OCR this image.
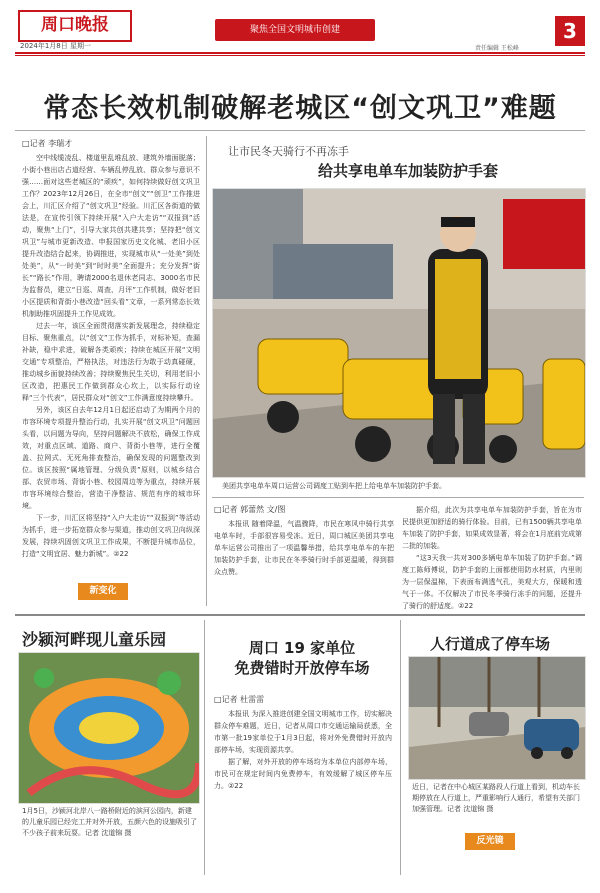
周口晚报
2024年1月8日 星期一
聚焦全国文明城市创建
责任编辑 王松峰
3
常态长效机制破解老城区“创文巩卫”难题
□记者 李瑞才

空中线缆凌乱、楼道里乱堆乱放、建筑外墙面脱落；小街小巷出店占道经营、车辆乱停乱放、群众参与意识不强……面对这些老城区的“顽疾”，如何持续做好创文巩卫工作？2023年12月26日，在全市“创文”“创卫”工作推进会上，川汇区介绍了“创文巩卫”经验。川汇区各街道的做法是，在宣传引领下持续开展“入户大走访”“双报到”活动，聚焦“上门”，引导大家共创共建共享；坚持把“创文巩卫”与城市更新改造、申报国家历史文化城、老旧小区提升改造结合起来，协调推进，实现城市从“一处美”到处处美”，从“一时美”到“时时美”全面提升；充分发挥“街长”“路长”作用，聘请2000名退休老同志、3000名市民为监督员，建立“日巡、周查、月评”工作机制，做好老旧小区提质和背街小巷改造“回头看”文章，一系列常态长效机制助推巩固提升工作见成效。

过去一年，该区全面贯彻落实新发展理念，持续稳定目标、聚焦重点，以“创文”工作为抓手，对标补短，查漏补缺，稳中求进，破解各类顽疾；持续在城区开展“文明交通”专项整治，严格执法，对违法行为敢于动真碰硬，推动城乡面貌持续改善；持续聚焦民生关切，利用老旧小区改造，把惠民工作做到群众心坎上，以实际行动诠释“三个代表”，居民群众对“创文”工作满意度持续攀升。

另外，该区自去年12月1日起还启动了为期两个月的市容环境专项提升整治行动，扎实开展“创文巩卫”问题回头看，以问题为导向，坚持问题解决不放松，确保工作成效，对重点区域、道路、商户、背街小巷等，进行全覆盖、拉网式、无死角排查整治，确保发现的问题整改到位。该区按照“属地管理、分级负责”原则，以城乡结合部、农贸市场、背街小巷、校园周边等为重点，持续开展市容环境综合整治，营造干净整洁、规范有序的城市环境。

下一步，川汇区将坚持“入户大走访”“双报到”等活动为抓手，进一步拓宽群众参与渠道，推动创文巩卫向纵深发展，持续巩固创文巩卫工作成果，不断提升城市品位，打造“文明宜居、魅力新城”。②22

新变化
让市民冬天骑行不再冻手
给共享电单车加装防护手套
美团共享电单车周口运营公司调度工贴到车把上给电单车加装防护手套。
□记者 郭蕾然 文/图

本报讯 随着降温，气温骤降，市民在寒风中骑行共享电单车时，手部很容易受冻。近日，周口城区美团共享电单车运营公司推出了一项温馨举措，给共享电单车的车把加装防护手套，让市民在冬季骑行时手部更温暖，得到群众点赞。

据介绍，此次为共享电单车加装防护手套，旨在为市民提供更加舒适的骑行体验。目前，已有1500辆共享电单车加装了防护手套，如果成效显著，将会在1月底前完成第二批的加装。

“这3天我一共对300多辆电单车加装了防护手套。”调度工陈师傅说，防护手套的上面都使用防水材质，内里则为一层保温棉，下表面布满透气孔，美观大方，保暖和透气于一体。不仅解决了市民冬季骑行冻手的问题，还提升了骑行的舒适度。②22

沙颍河畔现儿童乐园
1月5日，沙颍河北岸八一路桥附近的滨河公园内，新建的儿童乐园已经完工并对外开放，五颜六色的设施吸引了不少孩子前来玩耍。记者 沈道锦 摄
周口 19 家单位
免费错时开放停车场
□记者 杜雷雷

本报讯 为深入推进创建全国文明城市工作，切实解决群众停车难题，近日，记者从周口市交通运输局获悉，全市第一批19家单位于1月3日起，将对外免费错时开放内部停车场，实现资源共享。

据了解，对外开放的停车场均为本单位内部停车场，市民可在规定时间内免费停车，有效缓解了城区停车压力。②22

人行道成了停车场
近日，记者在中心城区某路段人行道上看到，机动车长期停放在人行道上，严重影响行人通行，希望有关部门加强管理。记者 沈道锦 摄
反光镜
